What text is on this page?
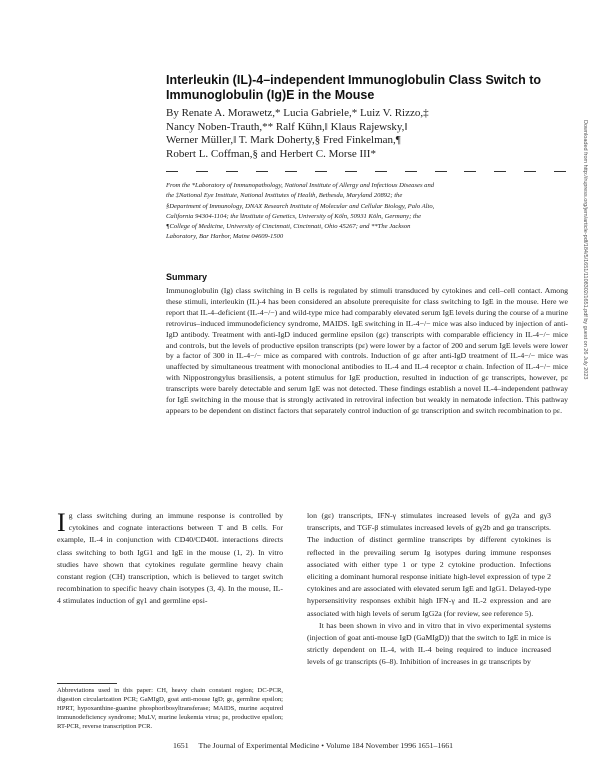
Interleukin (IL)-4–independent Immunoglobulin Class Switch to Immunoglobulin (Ig)E in the Mouse
By Renate A. Morawetz,* Lucia Gabriele,* Luiz V. Rizzo,‡
Nancy Noben-Trauth,** Ralf Kühn,‖ Klaus Rajewsky,‖
Werner Müller,‖ T. Mark Doherty,§ Fred Finkelman,¶
Robert L. Coffman,§ and Herbert C. Morse III*

From the *Laboratory of Immunopathology, National Institute of Allergy and Infectious Diseases and

the ‡National Eye Institute, National Institutes of Health, Bethesda, Maryland 20892; the

§Department of Immunology, DNAX Research Institute of Molecular and Cellular Biology, Palo Alto,

California 94304-1104; the ‖Institute of Genetics, University of Köln, 50931 Köln, Germany; the

¶College of Medicine, University of Cincinnati, Cincinnati, Ohio 45267; and **The Jackson

Laboratory, Bar Harbor, Maine 04609-1500

Summary
Immunoglobulin (Ig) class switching in B cells is regulated by stimuli transduced by cytokines and cell–cell contact. Among these stimuli, interleukin (IL)-4 has been considered an absolute prerequisite for class switching to IgE in the mouse. Here we report that IL-4–deficient (IL-4−/−) and wild-type mice had comparably elevated serum IgE levels during the course of a murine retrovirus–induced immunodeficiency syndrome, MAIDS. IgE switching in IL-4−/− mice was also induced by injection of anti-IgD antibody. Treatment with anti-IgD induced germline epsilon (gε) transcripts with comparable efficiency in IL-4−/− mice and controls, but the levels of productive epsilon transcripts (pε) were lower by a factor of 200 and serum IgE levels were lower by a factor of 300 in IL-4−/− mice as compared with controls. Induction of gε after anti-IgD treatment of IL-4−/− mice was unaffected by simultaneous treatment with monoclonal antibodies to IL-4 and IL-4 receptor α chain. Infection of IL-4−/− mice with Nippostrongylus brasiliensis, a potent stimulus for IgE production, resulted in induction of gε transcripts, however, pε transcripts were barely detectable and serum IgE was not detected. These findings establish a novel IL-4–independent pathway for IgE switching in the mouse that is strongly activated in retroviral infection but weakly in nematode infection. This pathway appears to be dependent on distinct factors that separately control induction of gε transcription and switch recombination to pε.
Ig class switching during an immune response is controlled by cytokines and cognate interactions between T and B cells. For example, IL-4 in conjunction with CD40/CD40L interactions directs class switching to both IgG1 and IgE in the mouse (1, 2). In vitro studies have shown that cytokines regulate germline heavy chain constant region (CH) transcription, which is believed to target switch recombination to specific heavy chain isotypes (3, 4). In the mouse, IL-4 stimulates induction of gγ1 and germline epsi-

lon (gε) transcripts, IFN-γ stimulates increased levels of gγ2a and gγ3 transcripts, and TGF-β stimulates increased levels of gγ2b and gα transcripts. The induction of distinct germline transcripts by different cytokines is reflected in the prevailing serum Ig isotypes during immune responses associated with either type 1 or type 2 cytokine production. Infections eliciting a dominant humoral response initiate high-level expression of type 2 cytokines and are associated with elevated serum IgE and IgG1. Delayed-type hypersensitivity responses exhibit high IFN-γ and IL-2 expression and are associated with high levels of serum IgG2a (for review, see reference 5).

It has been shown in vivo and in vitro that in vivo experimental systems (injection of goat anti-mouse IgD (GaMIgD)) that the switch to IgE in mice is strictly dependent on IL-4, with IL-4 being required to induce increased levels of gε transcripts (6–8). Inhibition of increases in gε transcripts by

Abbreviations used in this paper: CH, heavy chain constant region; DC-PCR, digestion circularization PCR; GaMIgD, goat anti-mouse IgD; gε, germline epsilon; HPRT, hypoxanthine-guanine phosphoribosyltransferase; MAIDS, murine acquired immunodeficiency syndrome; MuLV, murine leukemia virus; pε, productive epsilon; RT-PCR, reverse transcription PCR.
1651 The Journal of Experimental Medicine • Volume 184 November 1996 1651–1661
Downloaded from http://rupress.org/jem/article-pdf/184/5/1651/1108302/1651.pdf by guest on 26 July 2023
